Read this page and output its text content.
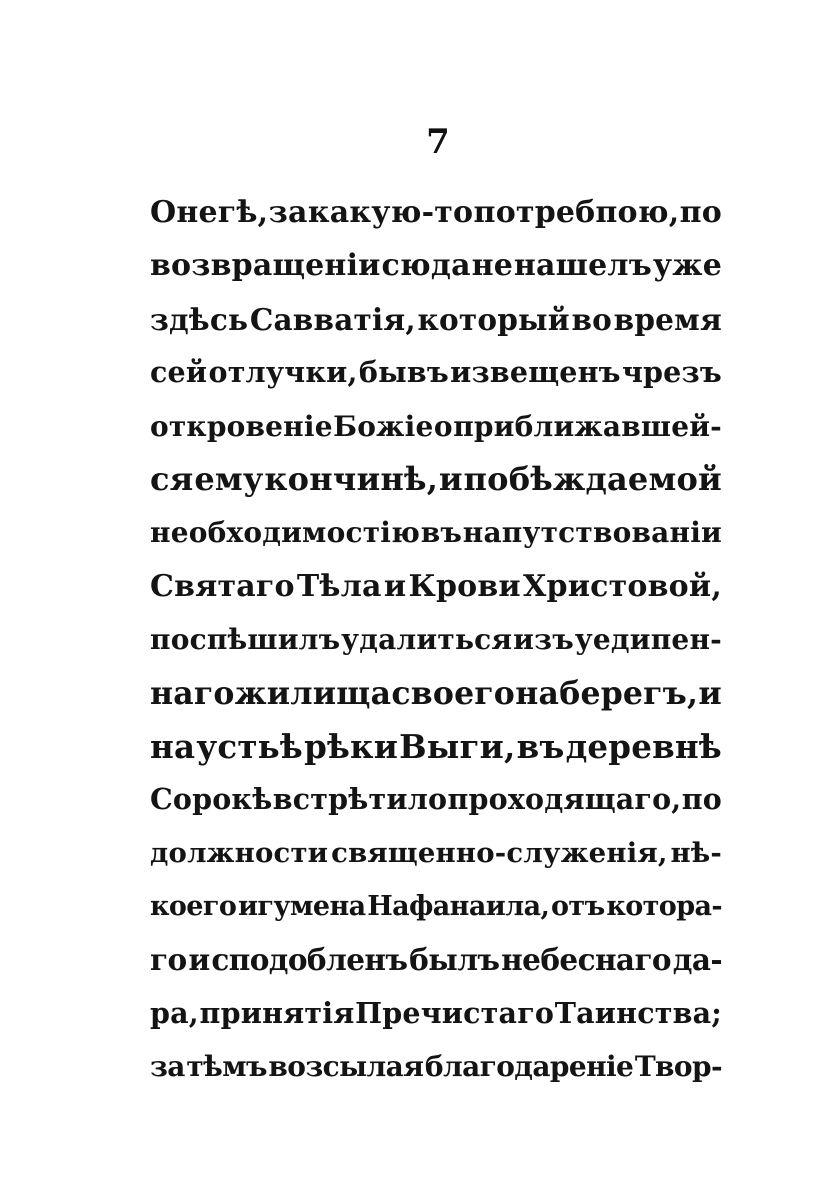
7
Онегѣ, за какую-то потребпою, по
возвращеніи сюда не нашелъ уже
здѣсь Савватія, который во время
сей отлучки, бывъ извещенъ чрезъ
откровеніе Божіе о приближавшей-
ся ему кончинѣ, и побѣждаемой
необходимостію въ напутствованіи
Святаго Тѣла и Крови Христовой,
поспѣшилъ удалиться изъ уедипен-
наго жилища своего на берегъ, и
на устьѣ рѣки Выги, въ деревнѣ
Сорокѣ встрѣтило проходящаго, по
должности священно-служенія, нѣ-
коего игумена Нафанаила, отъ котора-
го и сподобленъ былъ небеснаго да-
ра, принятія Пречистаго Таинства;
за тѣмъ возсылая благодареніе Твор-
